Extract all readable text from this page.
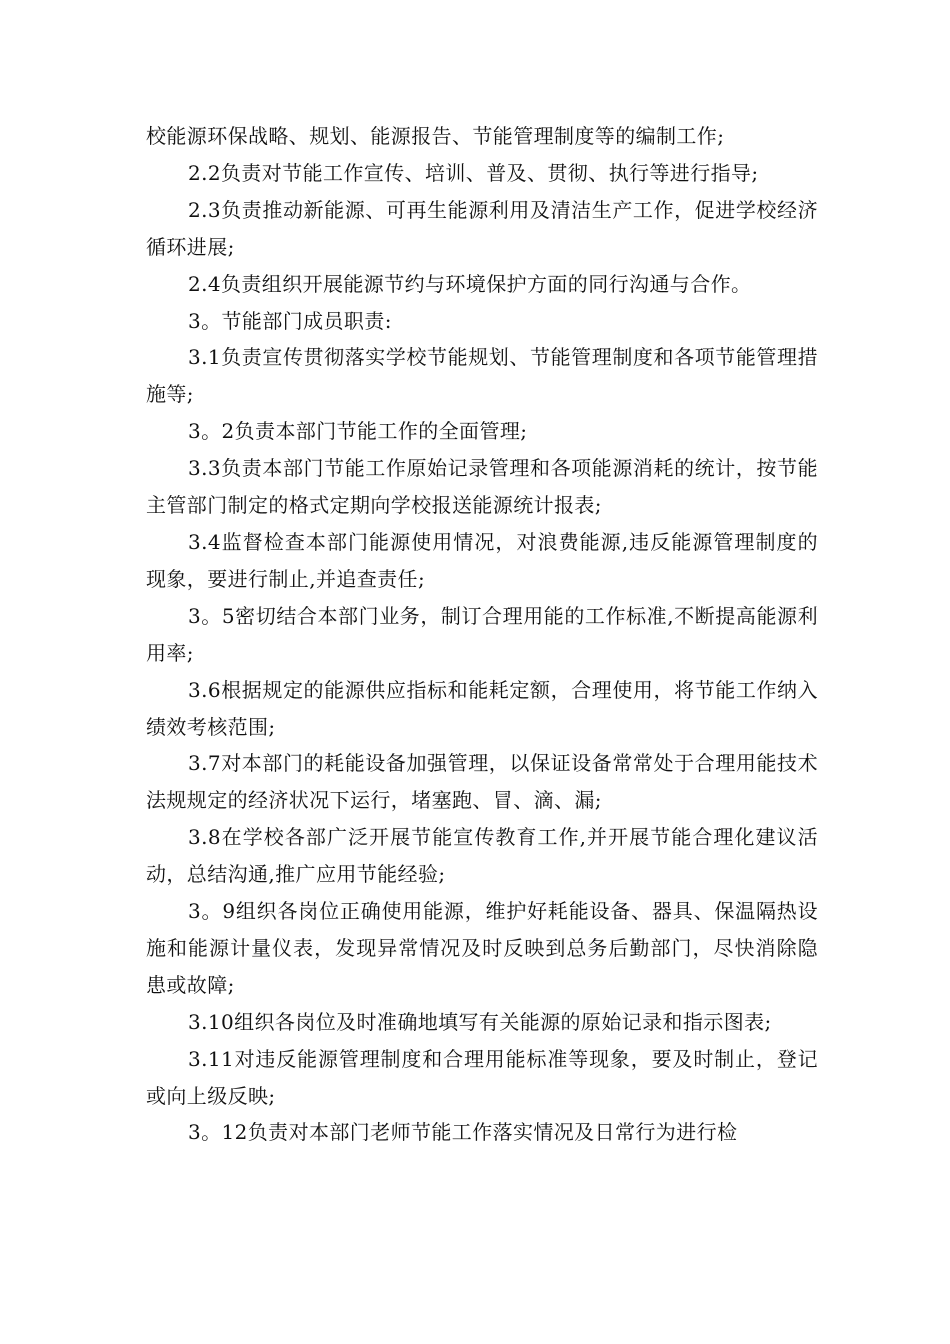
校能源环保战略、规划、能源报告、节能管理制度等的编制工作;

2.2负责对节能工作宣传、培训、普及、贯彻、执行等进行指导;

2.3负责推动新能源、可再生能源利用及清洁生产工作，促进学校经济循环进展;

2.4负责组织开展能源节约与环境保护方面的同行沟通与合作。

3。节能部门成员职责:

3.1负责宣传贯彻落实学校节能规划、节能管理制度和各项节能管理措施等;

3。2负责本部门节能工作的全面管理;

3.3负责本部门节能工作原始记录管理和各项能源消耗的统计，按节能主管部门制定的格式定期向学校报送能源统计报表;

3.4监督检查本部门能源使用情况，对浪费能源,违反能源管理制度的现象，要进行制止,并追查责任;

3。5密切结合本部门业务，制订合理用能的工作标准,不断提高能源利用率;

3.6根据规定的能源供应指标和能耗定额，合理使用，将节能工作纳入绩效考核范围;

3.7对本部门的耗能设备加强管理，以保证设备常常处于合理用能技术法规规定的经济状况下运行，堵塞跑、冒、滴、漏;

3.8在学校各部广泛开展节能宣传教育工作,并开展节能合理化建议活动，总结沟通,推广应用节能经验;

3。9组织各岗位正确使用能源，维护好耗能设备、器具、保温隔热设施和能源计量仪表，发现异常情况及时反映到总务后勤部门，尽快消除隐患或故障;

3.10组织各岗位及时准确地填写有关能源的原始记录和指示图表;

3.11对违反能源管理制度和合理用能标准等现象，要及时制止，登记或向上级反映;

3。12负责对本部门老师节能工作落实情况及日常行为进行检
